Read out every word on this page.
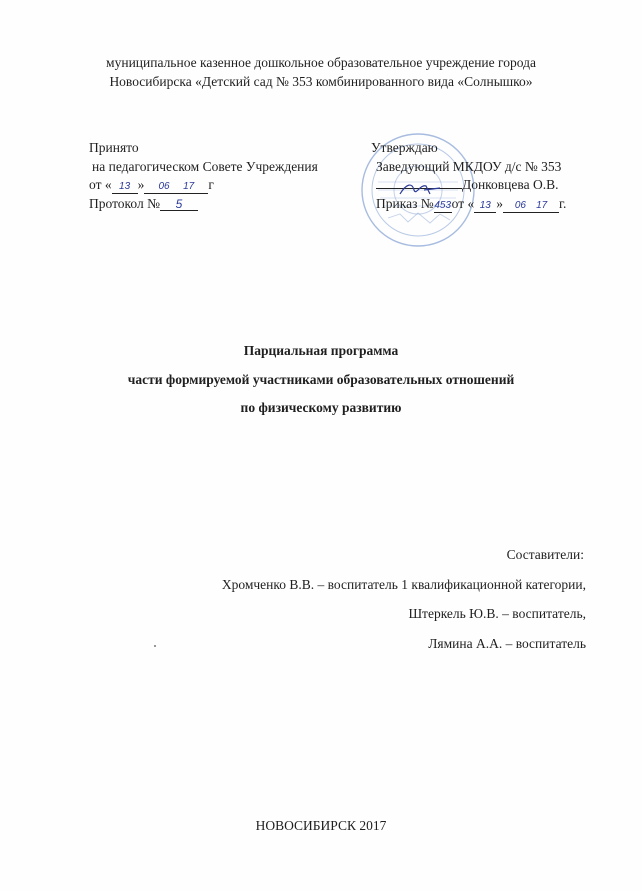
муниципальное казенное дошкольное образовательное учреждение города
Новосибирска «Детский сад № 353 комбинированного вида «Солнышко»
Принято
на педагогическом Совете Учреждения
от « 13 » 06 17 г
Протокол № 5
Утверждаю
Заведующий МКДОУ д/с № 353
Донковцева О.В.
Приказ №453от « 13 » 06 17 г.
Парциальная программа
части формируемой участниками образовательных отношений
по физическому развитию
Составители:
Хромченко В.В. – воспитатель 1 квалификационной категории,
Штеркель Ю.В. – воспитатель,
Лямина А.А. – воспитатель
НОВОСИБИРСК 2017
